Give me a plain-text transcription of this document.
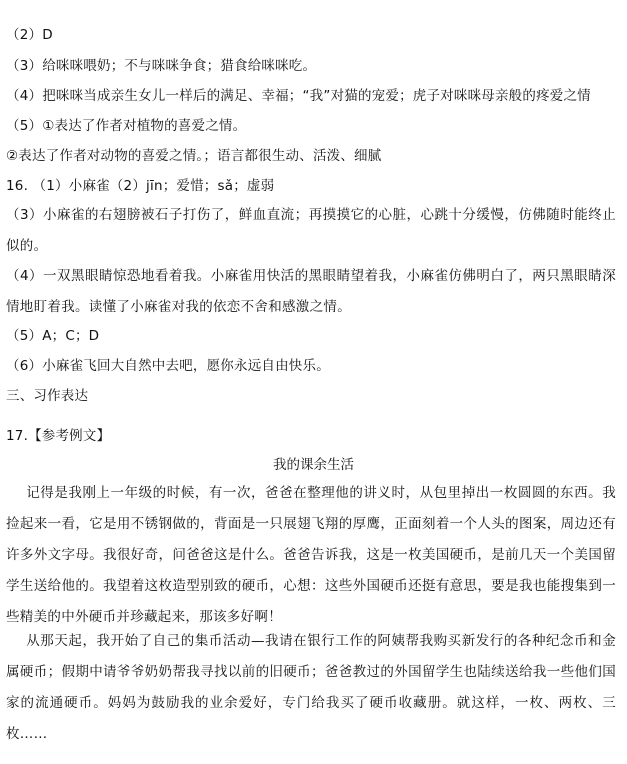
（2）D
（3）给咪咪喂奶；不与咪咪争食；猎食给咪咪吃。
（4）把咪咪当成亲生女儿一样后的满足、幸福；“我”对猫的宠爱；虎子对咪咪母亲般的疼爱之情
（5）①表达了作者对植物的喜爱之情。
②表达了作者对动物的喜爱之情。；语言都很生动、活泼、细腻
16. （1）小麻雀（2）jīn；爱惜；sǎ；虚弱
（3）小麻雀的右翅膀被石子打伤了，鲜血直流；再摸摸它的心脏，心跳十分缓慢，仿佛随时能终止似的。
（4）一双黑眼睛惊恐地看着我。小麻雀用快活的黑眼睛望着我，小麻雀仿佛明白了，两只黑眼睛深情地盯着我。读懂了小麻雀对我的依恋不舍和感激之情。
（5）A；C；D
（6）小麻雀飞回大自然中去吧，愿你永远自由快乐。
三、习作表达
17.【参考例文】
我的课余生活
记得是我刚上一年级的时候，有一次，爸爸在整理他的讲义时，从包里掉出一枚圆圆的东西。我捡起来一看，它是用不锈钢做的，背面是一只展翅飞翔的厚鹰，正面刻着一个人头的图案，周边还有许多外文字母。我很好奇，问爸爸这是什么。爸爸告诉我，这是一枚美国硬币，是前几天一个美国留学生送给他的。我望着这枚造型别致的硬币，心想：这些外国硬币还挺有意思，要是我也能搜集到一些精美的中外硬币并珍藏起来，那该多好啊！
从那天起，我开始了自己的集币活动—我请在银行工作的阿姨帮我购买新发行的各种纪念币和金属硬币；假期中请爷爷奶奶帮我寻找以前的旧硬币；爸爸教过的外国留学生也陆续送给我一些他们国家的流通硬币。妈妈为鼓励我的业余爱好，专门给我买了硬币收藏册。就这样，一枚、两枚、三枚……
